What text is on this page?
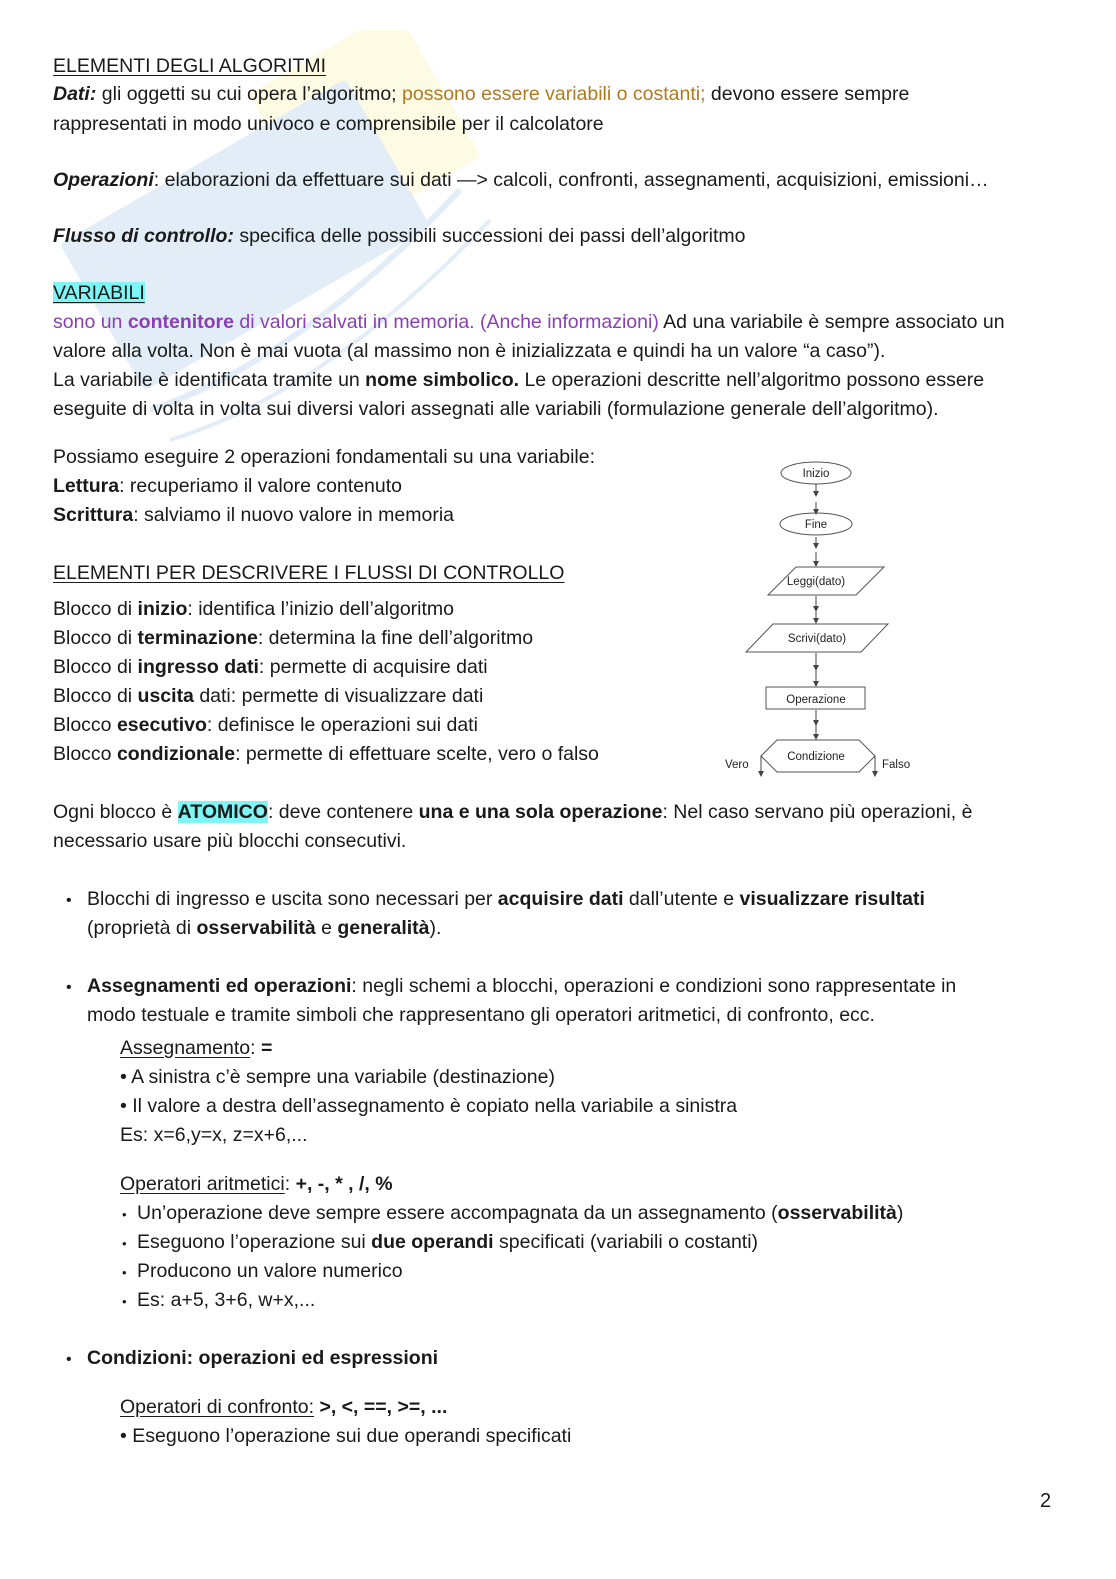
ELEMENTI DEGLI ALGORITMI
Dati: gli oggetti su cui opera l’algoritmo; possono essere variabili o costanti; devono essere sempre
rappresentati in modo univoco e comprensibile per il calcolatore
Operazioni: elaborazioni da effettuare sui dati —> calcoli, confronti, assegnamenti, acquisizioni, emissioni…
Flusso di controllo: specifica delle possibili successioni dei passi dell’algoritmo
VARIABILI
sono un contenitore di valori salvati in memoria. (Anche informazioni) Ad una variabile è sempre associato un
valore alla volta. Non è mai vuota (al massimo non è inizializzata e quindi ha un valore “a caso”).
La variabile è identificata tramite un nome simbolico. Le operazioni descritte nell’algoritmo possono essere
eseguite di volta in volta sui diversi valori assegnati alle variabili (formulazione generale dell’algoritmo).
Possiamo eseguire 2 operazioni fondamentali su una variabile:
Lettura: recuperiamo il valore contenuto
Scrittura: salviamo il nuovo valore in memoria
ELEMENTI PER DESCRIVERE I FLUSSI DI CONTROLLO
Blocco di inizio: identifica l’inizio dell’algoritmo
Blocco di terminazione: determina la fine dell’algoritmo
Blocco di ingresso dati: permette di acquisire dati
Blocco di uscita dati: permette di visualizzare dati
Blocco esecutivo: definisce le operazioni sui dati
Blocco condizionale: permette di effettuare scelte, vero o falso
Inizio
Fine
Leggi(dato)
Scrivi(dato)
Operazione
Condizione
Vero	Falso
Ogni blocco è ATOMICO: deve contenere una e una sola operazione: Nel caso servano più operazioni, è
necessario usare più blocchi consecutivi.
• Blocchi di ingresso e uscita sono necessari per acquisire dati dall’utente e visualizzare risultati
(proprietà di osservabilità e generalità).
• Assegnamenti ed operazioni: negli schemi a blocchi, operazioni e condizioni sono rappresentate in
modo testuale e tramite simboli che rappresentano gli operatori aritmetici, di confronto, ecc.
Assegnamento: =
• A sinistra c’è sempre una variabile (destinazione)
• Il valore a destra dell’assegnamento è copiato nella variabile a sinistra
Es: x=6,y=x, z=x+6,...
Operatori aritmetici: +, -, * , /, %
• Un’operazione deve sempre essere accompagnata da un assegnamento (osservabilità)
• Eseguono l’operazione sui due operandi specificati (variabili o costanti)
• Producono un valore numerico
• Es: a+5, 3+6, w+x,...
• Condizioni: operazioni ed espressioni
Operatori di confronto: >, <, ==, >=, ...
• Eseguono l’operazione sui due operandi specificati
2
